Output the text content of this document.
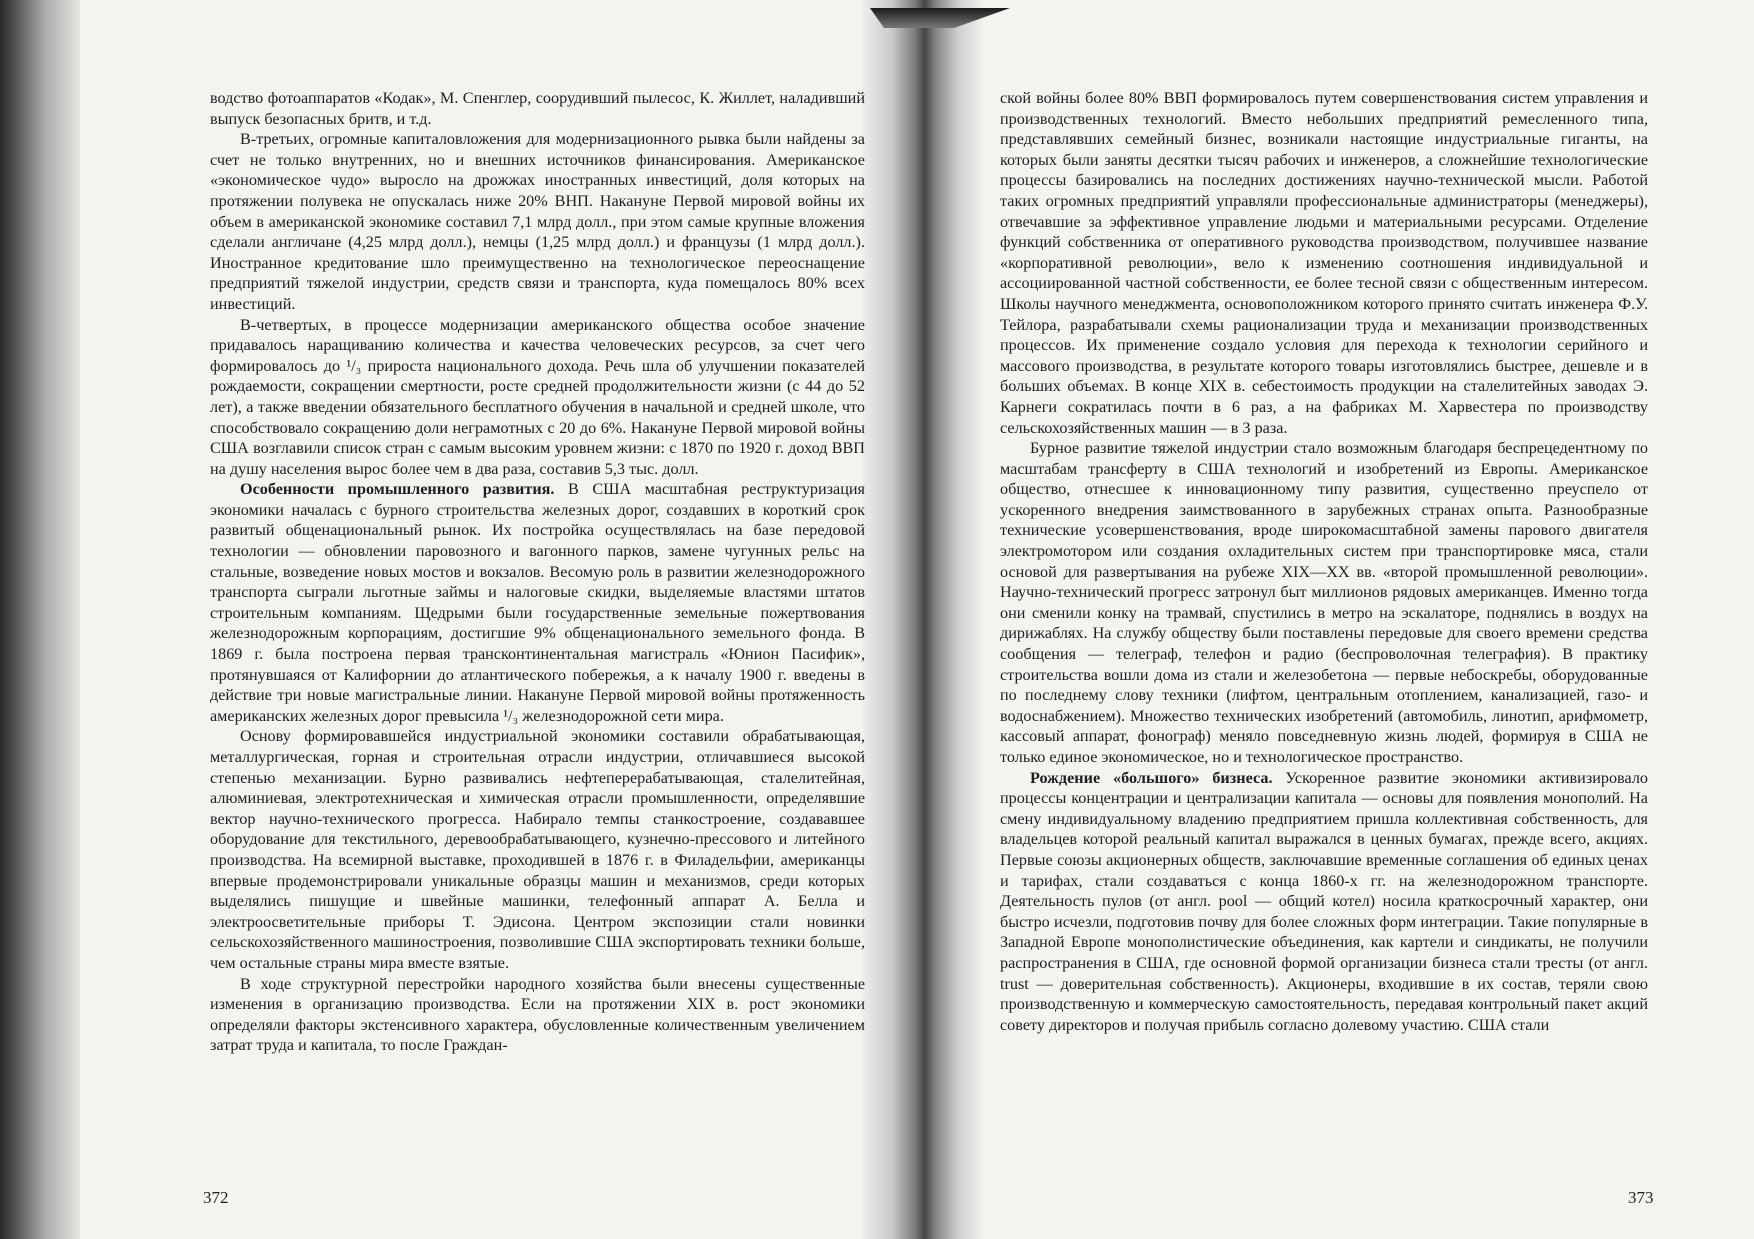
водство фотоаппаратов «Кодак», М. Спенглер, соорудивший пылесос, К. Жиллет, наладивший выпуск безопасных бритв, и т.д.

В-третьих, огромные капиталовложения для модернизационного рывка были найдены за счет не только внутренних, но и внешних источников финансирования. Американское «экономическое чудо» выросло на дрожжах иностранных инвестиций, доля которых на протяжении полувека не опускалась ниже 20% ВНП. Накануне Первой мировой войны их объем в американской экономике составил 7,1 млрд долл., при этом самые крупные вложения сделали англичане (4,25 млрд долл.), немцы (1,25 млрд долл.) и французы (1 млрд долл.). Иностранное кредитование шло преимущественно на технологическое переоснащение предприятий тяжелой индустрии, средств связи и транспорта, куда помещалось 80% всех инвестиций.

В-четвертых, в процессе модернизации американского общества особое значение придавалось наращиванию количества и качества человеческих ресурсов, за счет чего формировалось до ¹/₃ прироста национального дохода. Речь шла об улучшении показателей рождаемости, сокращении смертности, росте средней продолжительности жизни (с 44 до 52 лет), а также введении обязательного бесплатного обучения в начальной и средней школе, что способствовало сокращению доли неграмотных с 20 до 6%. Накануне Первой мировой войны США возглавили список стран с самым высоким уровнем жизни: с 1870 по 1920 г. доход ВВП на душу населения вырос более чем в два раза, составив 5,3 тыс. долл.

Особенности промышленного развития. В США масштабная реструктуризация экономики началась с бурного строительства железных дорог, создавших в короткий срок развитый общенациональный рынок. Их постройка осуществлялась на базе передовой технологии — обновлении паровозного и вагонного парков, замене чугунных рельс на стальные, возведение новых мостов и вокзалов. Весомую роль в развитии железнодорожного транспорта сыграли льготные займы и налоговые скидки, выделяемые властями штатов строительным компаниям. Щедрыми были государственные земельные пожертвования железнодорожным корпорациям, достигшие 9% общенационального земельного фонда. В 1869 г. была построена первая трансконтинентальная магистраль «Юнион Пасифик», протянувшаяся от Калифорнии до атлантического побережья, а к началу 1900 г. введены в действие три новые магистральные линии. Накануне Первой мировой войны протяженность американских железных дорог превысила ¹/₃ железнодорожной сети мира.

Основу формировавшейся индустриальной экономики составили обрабатывающая, металлургическая, горная и строительная отрасли индустрии, отличавшиеся высокой степенью механизации. Бурно развивались нефтеперерабатывающая, сталелитейная, алюминиевая, электротехническая и химическая отрасли промышленности, определявшие вектор научно-технического прогресса. Набирало темпы станкостроение, создававшее оборудование для текстильного, деревообрабатывающего, кузнечно-прессового и литейного производства. На всемирной выставке, проходившей в 1876 г. в Филадельфии, американцы впервые продемонстрировали уникальные образцы машин и механизмов, среди которых выделялись пишущие и швейные машинки, телефонный аппарат А. Белла и электроосветительные приборы Т. Эдисона. Центром экспозиции стали новинки сельскохозяйственного машиностроения, позволившие США экспортировать техники больше, чем остальные страны мира вместе взятые.

В ходе структурной перестройки народного хозяйства были внесены существенные изменения в организацию производства. Если на протяжении XIX в. рост экономики определяли факторы экстенсивного характера, обусловленные количественным увеличением затрат труда и капитала, то после Граждан-

372

ской войны более 80% ВВП формировалось путем совершенствования систем управления и производственных технологий. Вместо небольших предприятий ремесленного типа, представлявших семейный бизнес, возникали настоящие индустриальные гиганты, на которых были заняты десятки тысяч рабочих и инженеров, а сложнейшие технологические процессы базировались на последних достижениях научно-технической мысли. Работой таких огромных предприятий управляли профессиональные администраторы (менеджеры), отвечавшие за эффективное управление людьми и материальными ресурсами. Отделение функций собственника от оперативного руководства производством, получившее название «корпоративной революции», вело к изменению соотношения индивидуальной и ассоциированной частной собственности, ее более тесной связи с общественным интересом. Школы научного менеджмента, основоположником которого принято считать инженера Ф.У. Тейлора, разрабатывали схемы рационализации труда и механизации производственных процессов. Их применение создало условия для перехода к технологии серийного и массового производства, в результате которого товары изготовлялись быстрее, дешевле и в больших объемах. В конце XIX в. себестоимость продукции на сталелитейных заводах Э. Карнеги сократилась почти в 6 раз, а на фабриках М. Харвестера по производству сельскохозяйственных машин — в 3 раза.

Бурное развитие тяжелой индустрии стало возможным благодаря беспрецедентному по масштабам трансферту в США технологий и изобретений из Европы. Американское общество, отнесшее к инновационному типу развития, существенно преуспело от ускоренного внедрения заимствованного в зарубежных странах опыта. Разнообразные технические усовершенствования, вроде широкомасштабной замены парового двигателя электромотором или создания охладительных систем при транспортировке мяса, стали основой для развертывания на рубеже XIX—XX вв. «второй промышленной революции». Научно-технический прогресс затронул быт миллионов рядовых американцев. Именно тогда они сменили конку на трамвай, спустились в метро на эскалаторе, поднялись в воздух на дирижаблях. На службу обществу были поставлены передовые для своего времени средства сообщения — телеграф, телефон и радио (беспроволочная телеграфия). В практику строительства вошли дома из стали и железобетона — первые небоскребы, оборудованные по последнему слову техники (лифтом, центральным отоплением, канализацией, газо- и водоснабжением). Множество технических изобретений (автомобиль, линотип, арифмометр, кассовый аппарат, фонограф) меняло повседневную жизнь людей, формируя в США не только единое экономическое, но и технологическое пространство.

Рождение «большого» бизнеса. Ускоренное развитие экономики активизировало процессы концентрации и централизации капитала — основы для появления монополий. На смену индивидуальному владению предприятием пришла коллективная собственность, для владельцев которой реальный капитал выражался в ценных бумагах, прежде всего, акциях. Первые союзы акционерных обществ, заключавшие временные соглашения об единых ценах и тарифах, стали создаваться с конца 1860-х гг. на железнодорожном транспорте. Деятельность пулов (от англ. pool — общий котел) носила краткосрочный характер, они быстро исчезли, подготовив почву для более сложных форм интеграции. Такие популярные в Западной Европе монополистические объединения, как картели и синдикаты, не получили распространения в США, где основной формой организации бизнеса стали тресты (от англ. trust — доверительная собственность). Акционеры, входившие в их состав, теряли свою производственную и коммерческую самостоятельность, передавая контрольный пакет акций совету директоров и получая прибыль согласно долевому участию. США стали

373
